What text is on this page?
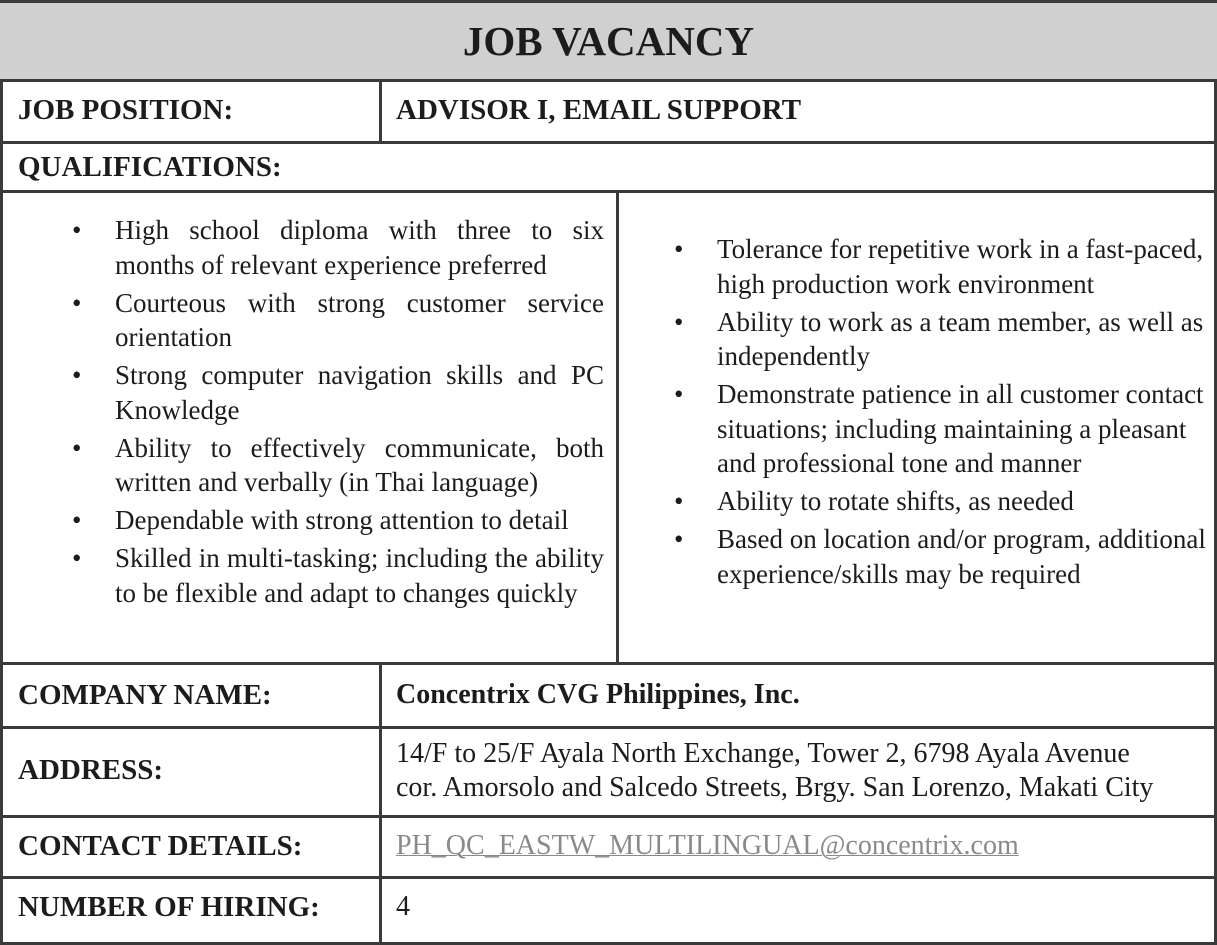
JOB VACANCY
JOB POSITION:	ADVISOR I, EMAIL SUPPORT
QUALIFICATIONS:
• High school diploma with three to six months of relevant experience preferred
• Courteous with strong customer service orientation
• Strong computer navigation skills and PC Knowledge
• Ability to effectively communicate, both written and verbally (in Thai language)
• Dependable with strong attention to detail
• Skilled in multi-tasking; including the ability to be flexible and adapt to changes quickly
• Tolerance for repetitive work in a fast-paced, high production work environment
• Ability to work as a team member, as well as independently
• Demonstrate patience in all customer contact situations; including maintaining a pleasant and professional tone and manner
• Ability to rotate shifts, as needed
• Based on location and/or program, additional experience/skills may be required
COMPANY NAME:	Concentrix CVG Philippines, Inc.
ADDRESS:
14/F to 25/F Ayala North Exchange, Tower 2, 6798 Ayala Avenue
cor. Amorsolo and Salcedo Streets, Brgy. San Lorenzo, Makati City
CONTACT DETAILS:	PH_QC_EASTW_MULTILINGUAL@concentrix.com
NUMBER OF HIRING:	4
